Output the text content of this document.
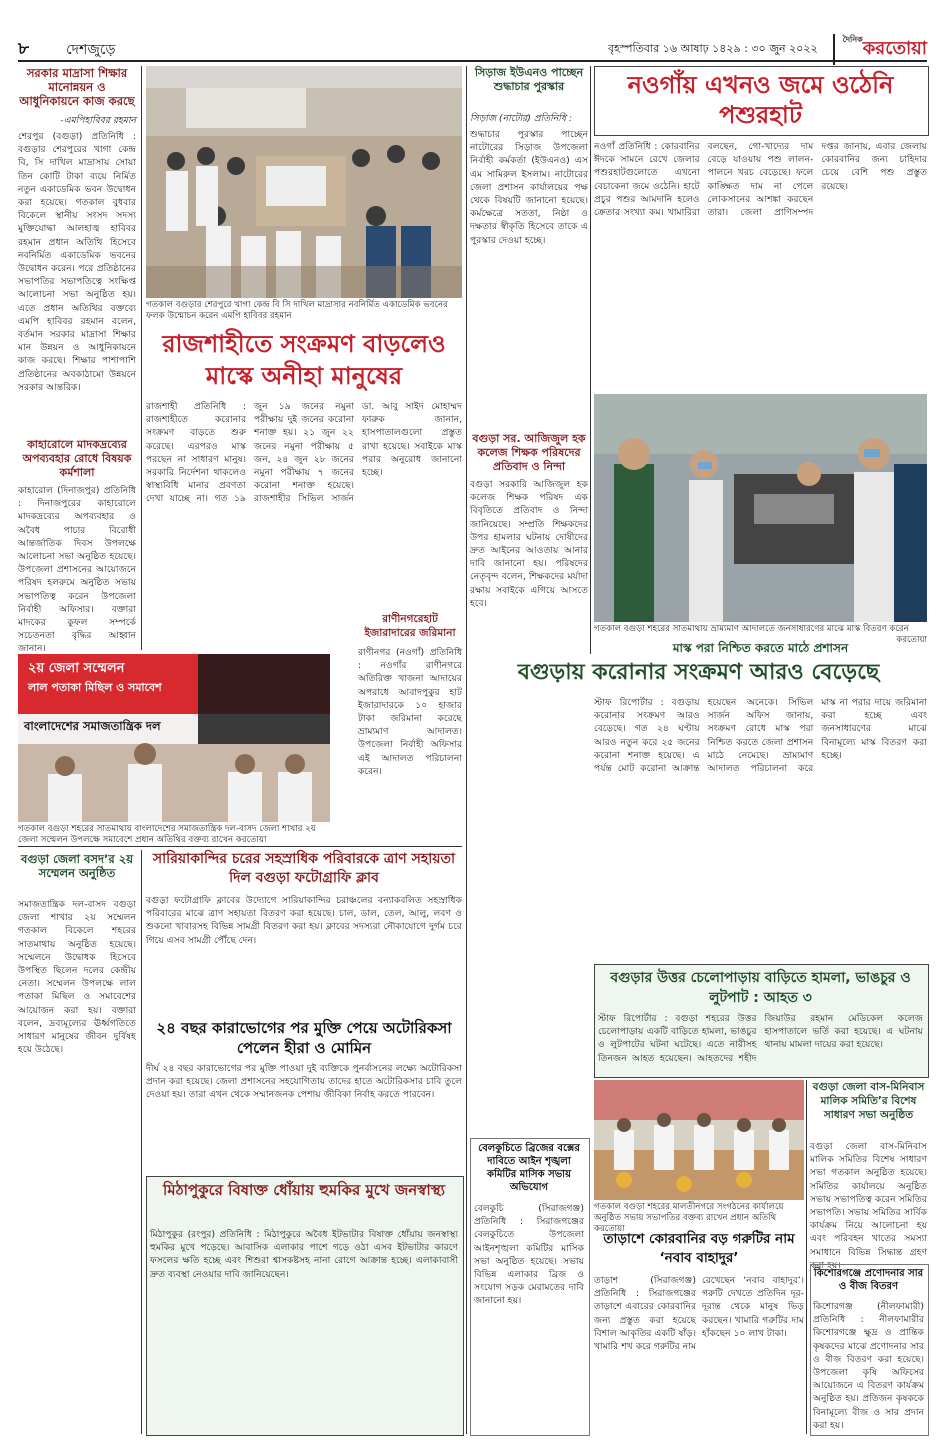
৮	দেশজুড়ে	বৃহস্পতিবার ১৬ আষাঢ় ১৪২৯ : ৩০ জুন ২০২২
$^{দৈনিক}$করতোয়া
সরকার মাদ্রাসা শিক্ষার মানোন্নয়ন ও আধুনিকায়নে কাজ করছে
-এমপিহাবিবর রহমান
শেরপুর (বগুড়া) প্রতিনিধি : বগুড়ার শেরপুরের খাগা কেন্দ্র বি, সি দাখিল মাদ্রাসায় সোয়া তিন কোটি টাকা ব্যয়ে নির্মিত নতুন একাডেমিক ভবন উদ্বোধন করা হয়েছে। গতকাল বুধবার বিকেলে স্থানীয় সংসদ সদস্য মুক্তিযোদ্ধা আলহাজ্ব হাবিবর রহমান প্রধান অতিথি হিসেবে নবনির্মিত একাডেমিক ভবনের উদ্বোধন করেন। পরে প্রতিষ্ঠানের সভাপতির সভাপতিত্বে সংক্ষিপ্ত আলোচনা সভা অনুষ্ঠিত হয়। এতে প্রধান অতিথির বক্তব্যে এমপি হাবিবর রহমান বলেন, বর্তমান সরকার মাদ্রাসা শিক্ষার মান উন্নয়ন ও আধুনিকায়নে কাজ করছে। শিক্ষার পাশাপাশি প্রতিষ্ঠানের অবকাঠামো উন্নয়নে সরকার আন্তরিক।
কাহারোলে মাদকদ্রব্যের অপব্যবহার রোধে বিষয়ক কর্মশালা
কাহারোল (দিনাজপুর) প্রতিনিধি : দিনাজপুরের কাহারোলে মাদকদ্রব্যের অপব্যবহার ও অবৈধ পাচার বিরোধী আন্তর্জাতিক দিবস উপলক্ষে আলোচনা সভা অনুষ্ঠিত হয়েছে। উপজেলা প্রশাসনের আয়োজনে পরিষদ হলরুমে অনুষ্ঠিত সভায় সভাপতিত্ব করেন উপজেলা নির্বাহী অফিসার। বক্তারা মাদকের কুফল সম্পর্কে সচেতনতা বৃদ্ধির আহ্বান জানান।
গতকাল বগুড়ার শেরপুরে খাগা কেন্দ্র বি সি দাখিল মাদ্রাসার নবনির্মিত একাডেমিক ভবনের ফলক উন্মোচন করেন এমপি হাবিবর রহমান
রাজশাহীতে সংক্রমণ বাড়লেও মাস্কে অনীহা মানুষের
রাজশাহী প্রতিনিধি : রাজশাহীতে করোনার সংক্রমণ বাড়তে শুরু করেছে। এরপরও মাস্ক পরছেন না সাধারণ মানুষ। সরকারি নির্দেশনা থাকলেও স্বাস্থ্যবিধি মানার প্রবণতা দেখা যাচ্ছে না। গত ১৯ জুন ১৯ জনের নমুনা পরীক্ষায় দুই জনের করোনা শনাক্ত হয়। ২১ জুন ২২ জনের নমুনা পরীক্ষায় ৫ জন, ২৪ জুন ২৮ জনের নমুনা পরীক্ষায় ৭ জনের করোনা শনাক্ত হয়েছে। রাজশাহীর সিভিল সার্জন ডা. আবু সাইদ মোহাম্মদ ফারুক জানান, হাসপাতালগুলো প্রস্তুত রাখা হয়েছে। সবাইকে মাস্ক পরার অনুরোধ জানানো হচ্ছে।
রাণীনগরেহাট ইজারাদারের জরিমানা
সিড়াজ ইউএনও পাচ্ছেন শুদ্ধাচার পুরস্কার
সিড়াজ (নাটোর) প্রতিনিধি :
শুদ্ধাচার পুরস্কার পাচ্ছেন নাটোরের সিড়াজ উপজেলা নির্বাহী কর্মকর্তা (ইউএনও) এস এম সামিরুল ইসলাম। নাটোরের জেলা প্রশাসন কার্যালয়ের পক্ষ থেকে বিষয়টি জানানো হয়েছে। কর্মক্ষেত্রে সততা, নিষ্ঠা ও দক্ষতার স্বীকৃতি হিসেবে তাকে এ পুরস্কার দেওয়া হচ্ছে।
বগুড়া সর. আজিজুল হক কলেজ শিক্ষক পরিষদের প্রতিবাদ ও নিন্দা
বগুড়া সরকারি আজিজুল হক কলেজ শিক্ষক পরিষদ এক বিবৃতিতে প্রতিবাদ ও নিন্দা জানিয়েছে। সম্প্রতি শিক্ষকদের উপর হামলার ঘটনায় দোষীদের দ্রুত আইনের আওতায় আনার দাবি জানানো হয়। পরিষদের নেতৃবৃন্দ বলেন, শিক্ষকদের মর্যাদা রক্ষায় সবাইকে এগিয়ে আসতে হবে।
নওগাঁয় এখনও জমে ওঠেনি পশুরহাট
নওগাঁ প্রতিনিধি : কোরবানির ঈদকে সামনে রেখে জেলার পশুরহাটগুলোতে এখনো বেচাকেনা জমে ওঠেনি। হাটে প্রচুর পশুর আমদানি হলেও ক্রেতার সংখ্যা কম। খামারিরা বলছেন, গো-খাদ্যের দাম বেড়ে যাওয়ায় পশু লালন-পালনে খরচ বেড়েছে। ফলে কাঙ্ক্ষিত দাম না পেলে লোকসানের আশঙ্কা করছেন তারা। জেলা প্রাণিসম্পদ দপ্তর জানায়, এবার জেলায় কোরবানির জন্য চাহিদার চেয়ে বেশি পশু প্রস্তুত রয়েছে।
গতকাল বগুড়া শহরের সাতমাথায় ভ্রাম্যমাণ আদালতে জনসাধারণের মাঝে মাস্ক বিতরণ করেন
করতোয়া
মাস্ক পরা নিশ্চিত করতে মাঠে প্রশাসন
বগুড়ায় করোনার সংক্রমণ আরও বেড়েছে
স্টাফ রিপোর্টার : বগুড়ায় করোনার সংক্রমণ আরও বেড়েছে। গত ২৪ ঘণ্টায় আরও নতুন করে ২৫ জনের করোনা শনাক্ত হয়েছে। এ পর্যন্ত মোট করোনা আক্রান্ত হয়েছেন অনেকে। সিভিল সার্জন অফিস জানায়, সংক্রমণ রোধে মাস্ক পরা নিশ্চিত করতে জেলা প্রশাসন মাঠে নেমেছে। ভ্রাম্যমাণ আদালত পরিচালনা করে মাস্ক না পরার দায়ে জরিমানা করা হচ্ছে এবং জনসাধারণের মাঝে বিনামূল্যে মাস্ক বিতরণ করা হচ্ছে।
২য় জেলা সম্মেলন
লাল পতাকা মিছিল ও সমাবেশ
বাংলাদেশের সমাজতান্ত্রিক দল
গতকাল বগুড়া শহরের সাতমাথায় বাংলাদেশের সমাজতান্ত্রিক দল-বাসদ জেলা শাখার ২য় জেলা সম্মেলন উপলক্ষে সমাবেশে প্রধান অতিথির বক্তব্য রাখেন করতোয়া
বগুড়া জেলা বসদ’র ২য় সম্মেলন অনুষ্ঠিত
সমাজতান্ত্রিক দল-বাসদ বগুড়া জেলা শাখার ২য় সম্মেলন গতকাল বিকেলে শহরের সাতমাথায় অনুষ্ঠিত হয়েছে। সম্মেলনে উদ্বোধক হিসেবে উপস্থিত ছিলেন দলের কেন্দ্রীয় নেতা। সম্মেলন উপলক্ষে লাল পতাকা মিছিল ও সমাবেশের আয়োজন করা হয়। বক্তারা বলেন, দ্রব্যমূল্যের ঊর্ধ্বগতিতে সাধারণ মানুষের জীবন দুর্বিষহ হয়ে উঠেছে।
সারিয়াকান্দির চরের সহস্রাধিক পরিবারকে ত্রাণ সহায়তা দিল বগুড়া ফটোগ্রাফি ক্লাব
বগুড়া ফটোগ্রাফি ক্লাবের উদ্যোগে সারিয়াকান্দির চরাঞ্চলের বন্যাকবলিত সহস্রাধিক পরিবারের মাঝে ত্রাণ সহায়তা বিতরণ করা হয়েছে। চাল, ডাল, তেল, আলু, লবণ ও শুকনো খাবারসহ বিভিন্ন সামগ্রী বিতরণ করা হয়। ক্লাবের সদস্যরা নৌকাযোগে দুর্গম চরে গিয়ে এসব সামগ্রী পৌঁছে দেন।
২৪ বছর কারাভোগের পর মুক্তি পেয়ে অটোরিকসা পেলেন হীরা ও মোমিন
দীর্ঘ ২৪ বছর কারাভোগের পর মুক্তি পাওয়া দুই ব্যক্তিকে পুনর্বাসনের লক্ষ্যে অটোরিকসা প্রদান করা হয়েছে। জেলা প্রশাসনের সহযোগিতায় তাদের হাতে অটোরিকসার চাবি তুলে দেওয়া হয়। তারা এখন থেকে সম্মানজনক পেশায় জীবিকা নির্বাহ করতে পারবেন।
মিঠাপুকুরে বিষাক্ত ধোঁয়ায় হুমকির মুখে জনস্বাস্থ্য
মিঠাপুকুর (রংপুর) প্রতিনিধি : মিঠাপুকুরে অবৈধ ইটভাটার বিষাক্ত ধোঁয়ায় জনস্বাস্থ্য হুমকির মুখে পড়েছে। আবাসিক এলাকার পাশে গড়ে ওঠা এসব ইটভাটার কারণে ফসলের ক্ষতি হচ্ছে এবং শিশুরা শ্বাসকষ্টসহ নানা রোগে আক্রান্ত হচ্ছে। এলাকাবাসী দ্রুত ব্যবস্থা নেওয়ার দাবি জানিয়েছেন।
রাণীনগর (নওগাঁ) প্রতিনিধি : নওগাঁর রাণীনগরে অতিরিক্ত খাজনা আদায়ের অপরাধে আবাদপুকুর হাট ইজারাদারকে ১০ হাজার টাকা জরিমানা করেছে ভ্রাম্যমাণ আদালত। উপজেলা নির্বাহী অফিসার এই আদালত পরিচালনা করেন।
বেলকুচিতে ব্রিজের বক্সের দাবিতে আইন শৃঙ্খলা কমিটির মাসিক সভায় অভিযোগ
বেলকুচি (সিরাজগঞ্জ) প্রতিনিধি : সিরাজগঞ্জের বেলকুচিতে উপজেলা আইনশৃঙ্খলা কমিটির মাসিক সভা অনুষ্ঠিত হয়েছে। সভায় বিভিন্ন এলাকার ব্রিজ ও সংযোগ সড়ক মেরামতের দাবি জানানো হয়।
বগুড়ার উত্তর চেলোপাড়ায় বাড়িতে হামলা, ভাঙচুর ও লুটপাট : আহত ৩
স্টাফ রিপোর্টার : বগুড়া শহরের উত্তর চেলোপাড়ায় একটি বাড়িতে হামলা, ভাঙচুর ও লুটপাটের ঘটনা ঘটেছে। এতে নারীসহ তিনজন আহত হয়েছেন। আহতদের শহীদ জিয়াউর রহমান মেডিকেল কলেজ হাসপাতালে ভর্তি করা হয়েছে। এ ঘটনায় থানায় মামলা দায়ের করা হয়েছে।
গতকাল বগুড়া শহরের মালতীনগরে সংগঠনের কার্যালয়ে অনুষ্ঠিত সভায় সভাপতির বক্তব্য রাখেন প্রধান অতিথি করতোয়া
তাড়াশে কোরবানির বড় গরুটির নাম ‘নবাব বাহাদুর’
তাড়াশ (সিরাজগঞ্জ) প্রতিনিধি : সিরাজগঞ্জের তাড়াশে এবারের কোরবানির জন্য প্রস্তুত করা হয়েছে বিশাল আকৃতির একটি ষাঁড়। খামারি শখ করে গরুটির নাম রেখেছেন ‘নবাব বাহাদুর’। গরুটি দেখতে প্রতিদিন দূর-দূরান্ত থেকে মানুষ ভিড় করছেন। খামারি গরুটির দাম হাঁকছেন ১০ লাখ টাকা।
বগুড়া জেলা বাস-মিনিবাস মালিক সমিতি’র বিশেষ সাধারণ সভা অনুষ্ঠিত
বগুড়া জেলা বাস-মিনিবাস মালিক সমিতির বিশেষ সাধারণ সভা গতকাল অনুষ্ঠিত হয়েছে। সমিতির কার্যালয়ে অনুষ্ঠিত সভায় সভাপতিত্ব করেন সমিতির সভাপতি। সভায় সমিতির সার্বিক কার্যক্রম নিয়ে আলোচনা হয় এবং পরিবহন খাতের সমস্যা সমাধানে বিভিন্ন সিদ্ধান্ত গ্রহণ করা হয়।
কিশোরগঞ্জে প্রণোদনার সার ও বীজ বিতরণ
কিশোরগঞ্জ (নীলফামারী) প্রতিনিধি : নীলফামারীর কিশোরগঞ্জে ক্ষুদ্র ও প্রান্তিক কৃষকদের মাঝে প্রণোদনার সার ও বীজ বিতরণ করা হয়েছে। উপজেলা কৃষি অফিসের আয়োজনে এ বিতরণ কার্যক্রম অনুষ্ঠিত হয়। প্রতিজন কৃষককে বিনামূল্যে বীজ ও সার প্রদান করা হয়।
